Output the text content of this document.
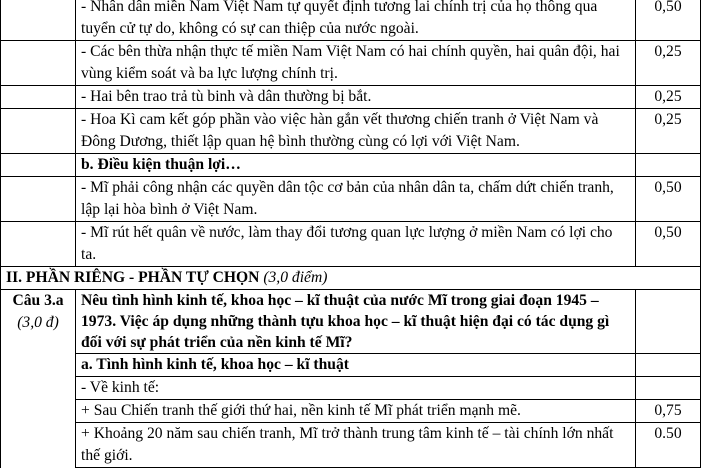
	- Nhân dân miền Nam Việt Nam tự quyết định tương lai chính trị của họ thông qua tuyển cử tự do, không có sự can thiệp của nước ngoài.	0,50
	- Các bên thừa nhận thực tế miền Nam Việt Nam có hai chính quyền, hai quân đội, hai vùng kiểm soát và ba lực lượng chính trị.	0,25
	- Hai bên trao trả tù binh và dân thường bị bắt.	0,25
	- Hoa Kì cam kết góp phần vào việc hàn gắn vết thương chiến tranh ở Việt Nam và Đông Dương, thiết lập quan hệ bình thường cùng có lợi với Việt Nam.	0,25
	b. Điều kiện thuận lợi…	
	- Mĩ phải công nhận các quyền dân tộc cơ bản của nhân dân ta, chấm dứt chiến tranh, lập lại hòa bình ở Việt Nam.	0,50
	- Mĩ rút hết quân về nước, làm thay đổi tương quan lực lượng ở miền Nam có lợi cho ta.	0,50
II. PHẦN RIÊNG - PHẦN TỰ CHỌN (3,0 điểm)		

Câu 3.a
(3,0 đ)	Nêu tình hình kinh tế, khoa học – kĩ thuật của nước Mĩ trong giai đoạn 1945 – 1973. Việc áp dụng những thành tựu khoa học – kĩ thuật hiện đại có tác dụng gì đối với sự phát triển của nền kinh tế Mĩ?	
	a. Tình hình kinh tế, khoa học – kĩ thuật	
	- Về kinh tế:	
	+ Sau Chiến tranh thế giới thứ hai, nền kinh tế Mĩ phát triển mạnh mẽ.	0,75
	+ Khoảng 20 năm sau chiến tranh, Mĩ trở thành trung tâm kinh tế – tài chính lớn nhất thế giới.	0.50
